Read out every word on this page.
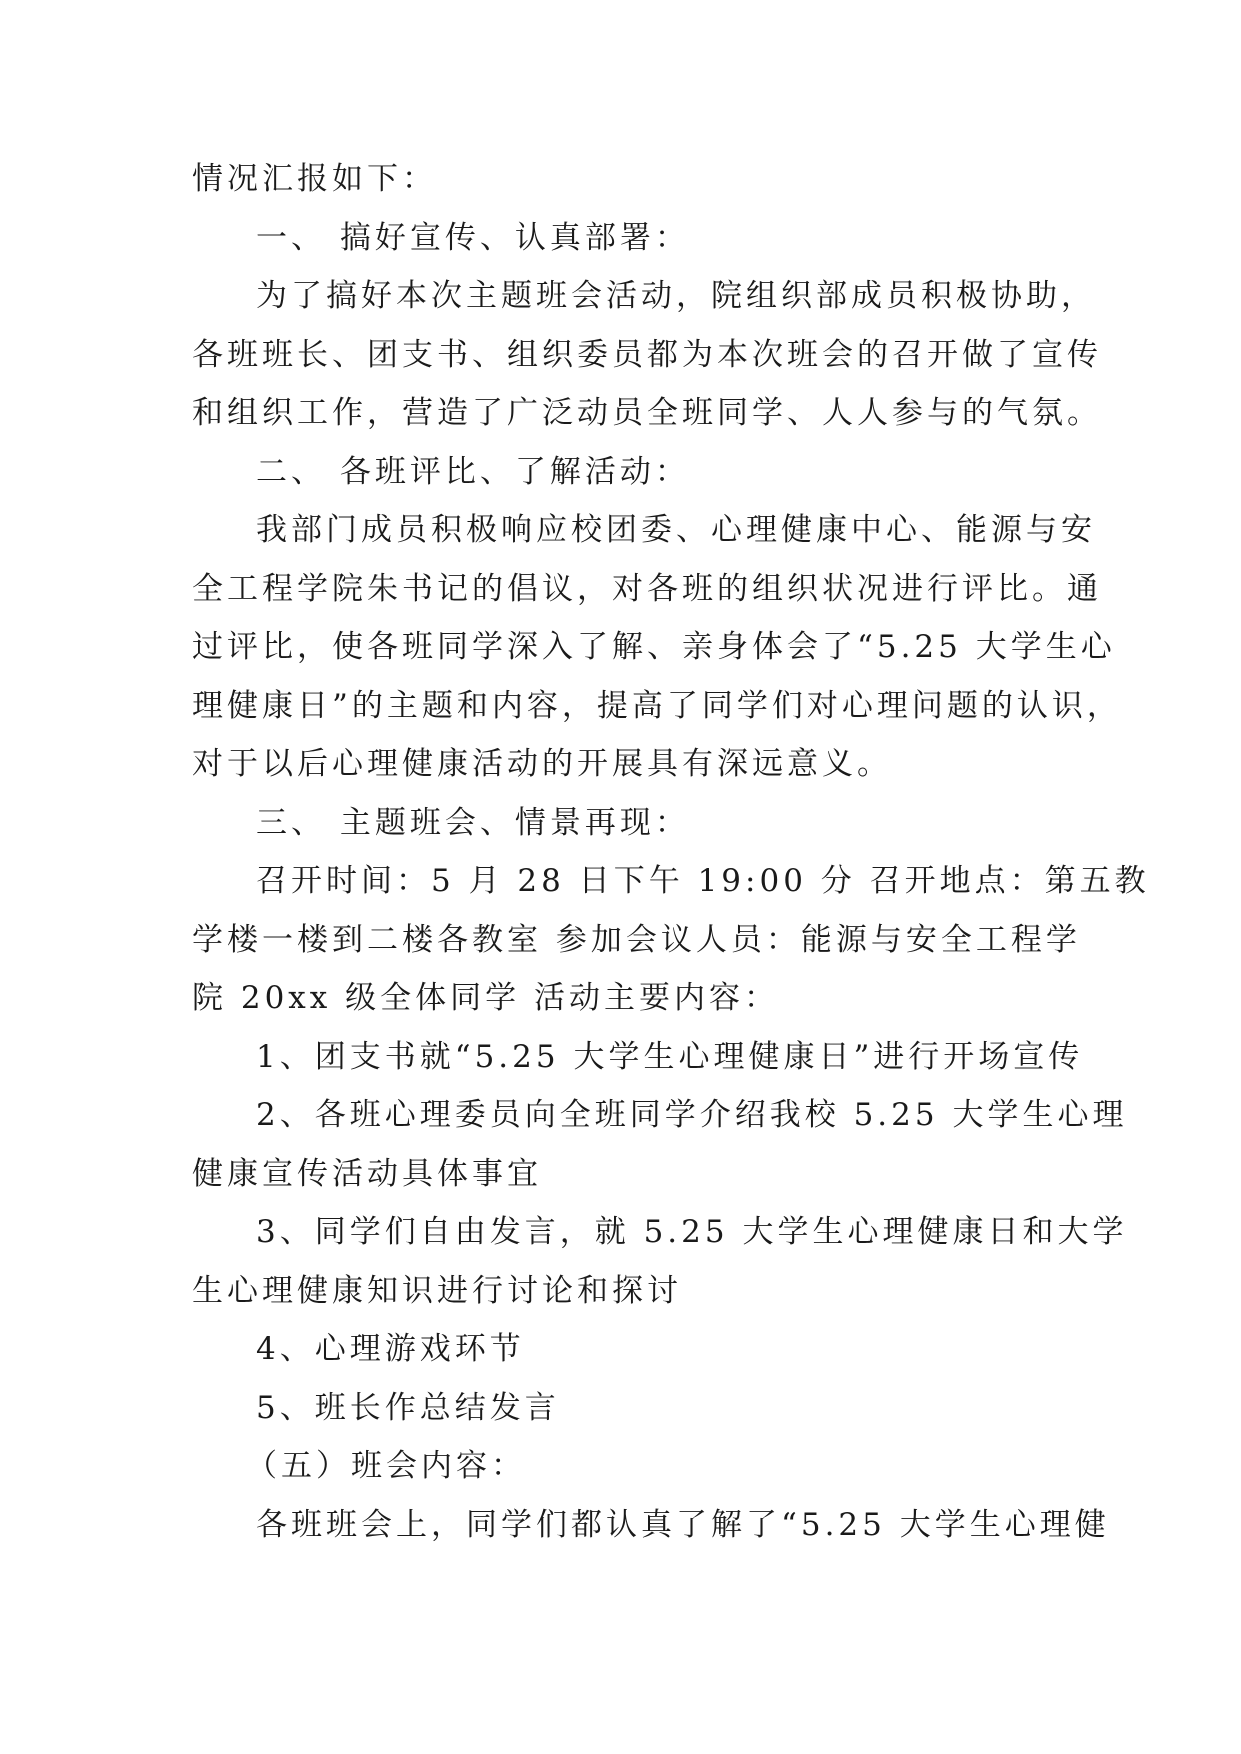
情况汇报如下：
一、 搞好宣传、认真部署：
为了搞好本次主题班会活动，院组织部成员积极协助，
各班班长、团支书、组织委员都为本次班会的召开做了宣传
和组织工作，营造了广泛动员全班同学、人人参与的气氛。
二、 各班评比、了解活动：
我部门成员积极响应校团委、心理健康中心、能源与安
全工程学院朱书记的倡议，对各班的组织状况进行评比。通
过评比，使各班同学深入了解、亲身体会了“5.25 大学生心
理健康日”的主题和内容，提高了同学们对心理问题的认识，
对于以后心理健康活动的开展具有深远意义。
三、 主题班会、情景再现：
召开时间：5 月 28 日下午 19:00 分 召开地点：第五教
学楼一楼到二楼各教室 参加会议人员：能源与安全工程学
院 20xx 级全体同学 活动主要内容：
1、团支书就“5.25 大学生心理健康日”进行开场宣传
2、各班心理委员向全班同学介绍我校 5.25 大学生心理
健康宣传活动具体事宜
3、同学们自由发言，就 5.25 大学生心理健康日和大学
生心理健康知识进行讨论和探讨
4、心理游戏环节
5、班长作总结发言
（五）班会内容：
各班班会上，同学们都认真了解了“5.25 大学生心理健
